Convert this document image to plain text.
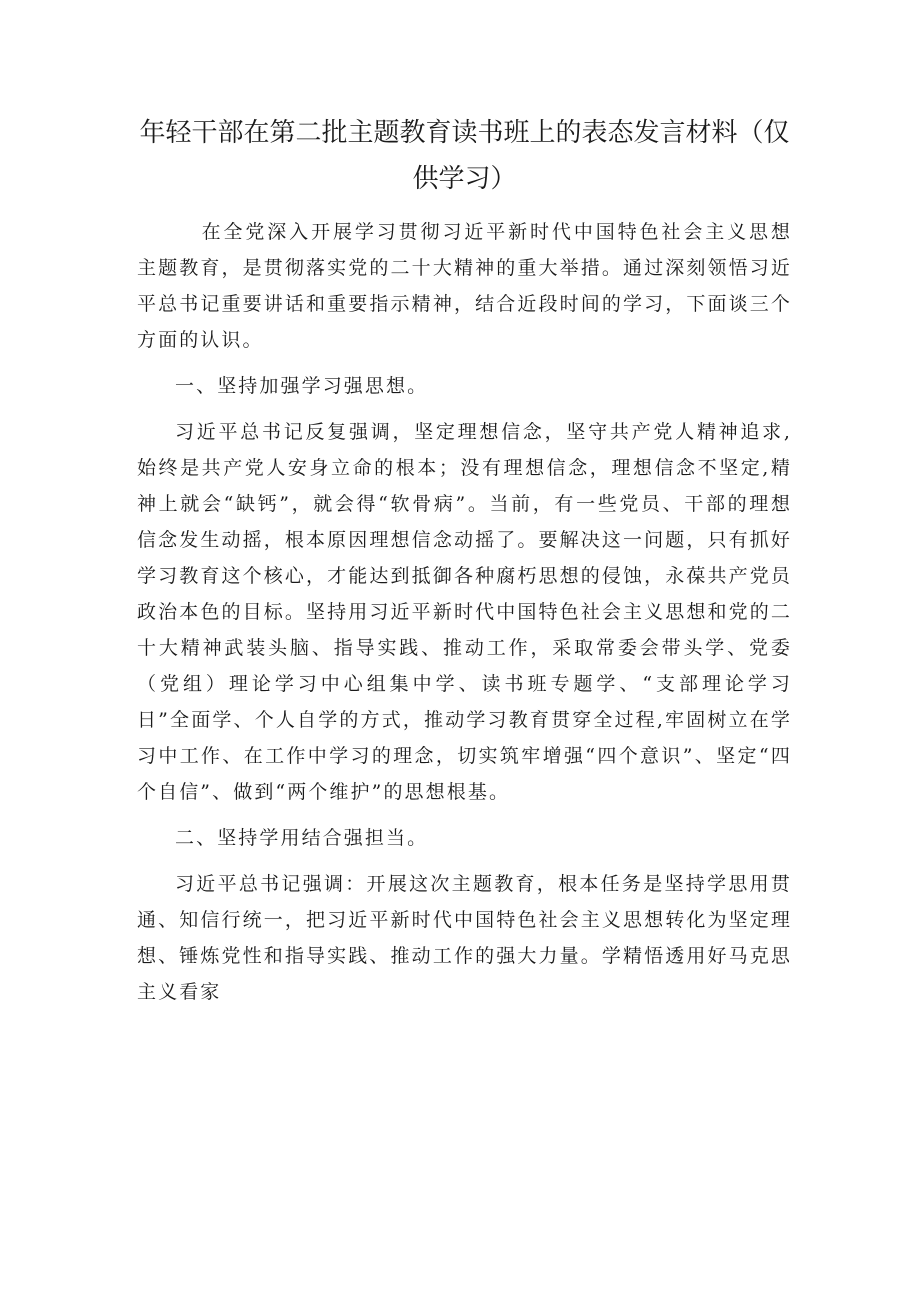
年轻干部在第二批主题教育读书班上的表态发言材料（仅供学习）

在全党深入开展学习贯彻习近平新时代中国特色社会主义思想主题教育，是贯彻落实党的二十大精神的重大举措。通过深刻领悟习近平总书记重要讲话和重要指示精神，结合近段时间的学习，下面谈三个方面的认识。

一、坚持加强学习强思想。

习近平总书记反复强调，坚定理想信念，坚守共产党人精神追求,始终是共产党人安身立命的根本；没有理想信念，理想信念不坚定,精神上就会“缺钙”，就会得“软骨病”。当前，有一些党员、干部的理想信念发生动摇，根本原因理想信念动摇了。要解决这一问题，只有抓好学习教育这个核心，才能达到抵御各种腐朽思想的侵蚀，永葆共产党员政治本色的目标。坚持用习近平新时代中国特色社会主义思想和党的二十大精神武装头脑、指导实践、推动工作，采取常委会带头学、党委（党组）理论学习中心组集中学、读书班专题学、“支部理论学习日”全面学、个人自学的方式，推动学习教育贯穿全过程,牢固树立在学习中工作、在工作中学习的理念，切实筑牢增强“四个意识”、坚定“四个自信”、做到“两个维护”的思想根基。

二、坚持学用结合强担当。

习近平总书记强调：开展这次主题教育，根本任务是坚持学思用贯通、知信行统一，把习近平新时代中国特色社会主义思想转化为坚定理想、锤炼党性和指导实践、推动工作的强大力量。学精悟透用好马克思主义看家
